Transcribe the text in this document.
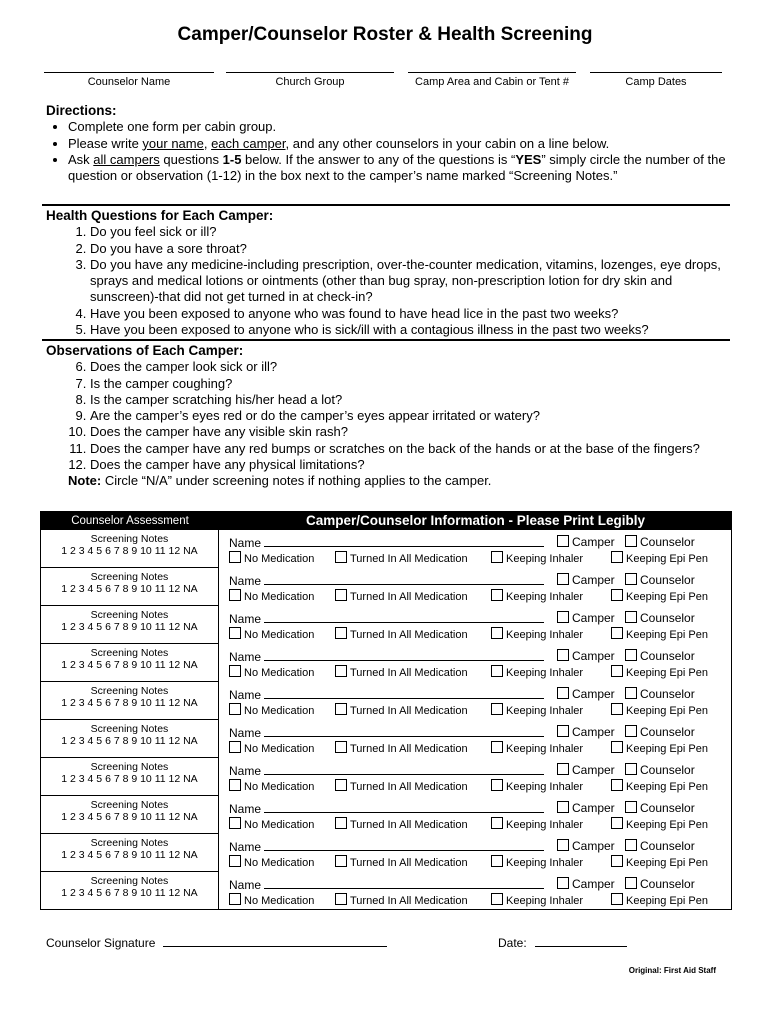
Camper/Counselor Roster & Health Screening
Counselor Name	Church Group	Camp Area and Cabin or Tent #	Camp Dates
Directions:
• Complete one form per cabin group.
• Please write your name, each camper, and any other counselors in your cabin on a line below.
• Ask all campers questions 1-5 below. If the answer to any of the questions is “YES” simply circle the number of the question or observation (1-12) in the box next to the camper’s name marked “Screening Notes.”
Health Questions for Each Camper:
1. Do you feel sick or ill?
2. Do you have a sore throat?
3. Do you have any medicine-including prescription, over-the-counter medication, vitamins, lozenges, eye drops, sprays and medical lotions or ointments (other than bug spray, non-prescription lotion for dry skin and sunscreen)-that did not get turned in at check-in?
4. Have you been exposed to anyone who was found to have head lice in the past two weeks?
5. Have you been exposed to anyone who is sick/ill with a contagious illness in the past two weeks?
Observations of Each Camper:
6. Does the camper look sick or ill?
7. Is the camper coughing?
8. Is the camper scratching his/her head a lot?
9. Are the camper’s eyes red or do the camper’s eyes appear irritated or watery?
10. Does the camper have any visible skin rash?
11. Does the camper have any red bumps or scratches on the back of the hands or at the base of the fingers?
12. Does the camper have any physical limitations?
Note: Circle “N/A” under screening notes if nothing applies to the camper.
Counselor Assessment	Camper/Counselor Information - Please Print Legibly
Screening Notes
1 2 3 4 5 6 7 8 9 10 11 12 NA
Name	Camper	Counselor
No Medication	Turned In All Medication	Keeping Inhaler	Keeping Epi Pen
Screening Notes
1 2 3 4 5 6 7 8 9 10 11 12 NA
Name	Camper	Counselor
No Medication	Turned In All Medication	Keeping Inhaler	Keeping Epi Pen
Screening Notes
1 2 3 4 5 6 7 8 9 10 11 12 NA
Name	Camper	Counselor
No Medication	Turned In All Medication	Keeping Inhaler	Keeping Epi Pen
Screening Notes
1 2 3 4 5 6 7 8 9 10 11 12 NA
Name	Camper	Counselor
No Medication	Turned In All Medication	Keeping Inhaler	Keeping Epi Pen
Screening Notes
1 2 3 4 5 6 7 8 9 10 11 12 NA
Name	Camper	Counselor
No Medication	Turned In All Medication	Keeping Inhaler	Keeping Epi Pen
Screening Notes
1 2 3 4 5 6 7 8 9 10 11 12 NA
Name	Camper	Counselor
No Medication	Turned In All Medication	Keeping Inhaler	Keeping Epi Pen
Screening Notes
1 2 3 4 5 6 7 8 9 10 11 12 NA
Name	Camper	Counselor
No Medication	Turned In All Medication	Keeping Inhaler	Keeping Epi Pen
Screening Notes
1 2 3 4 5 6 7 8 9 10 11 12 NA
Name	Camper	Counselor
No Medication	Turned In All Medication	Keeping Inhaler	Keeping Epi Pen
Screening Notes
1 2 3 4 5 6 7 8 9 10 11 12 NA
Name	Camper	Counselor
No Medication	Turned In All Medication	Keeping Inhaler	Keeping Epi Pen
Screening Notes
1 2 3 4 5 6 7 8 9 10 11 12 NA
Name	Camper	Counselor
No Medication	Turned In All Medication	Keeping Inhaler	Keeping Epi Pen
Counselor Signature	Date:
Original: First Aid Staff
